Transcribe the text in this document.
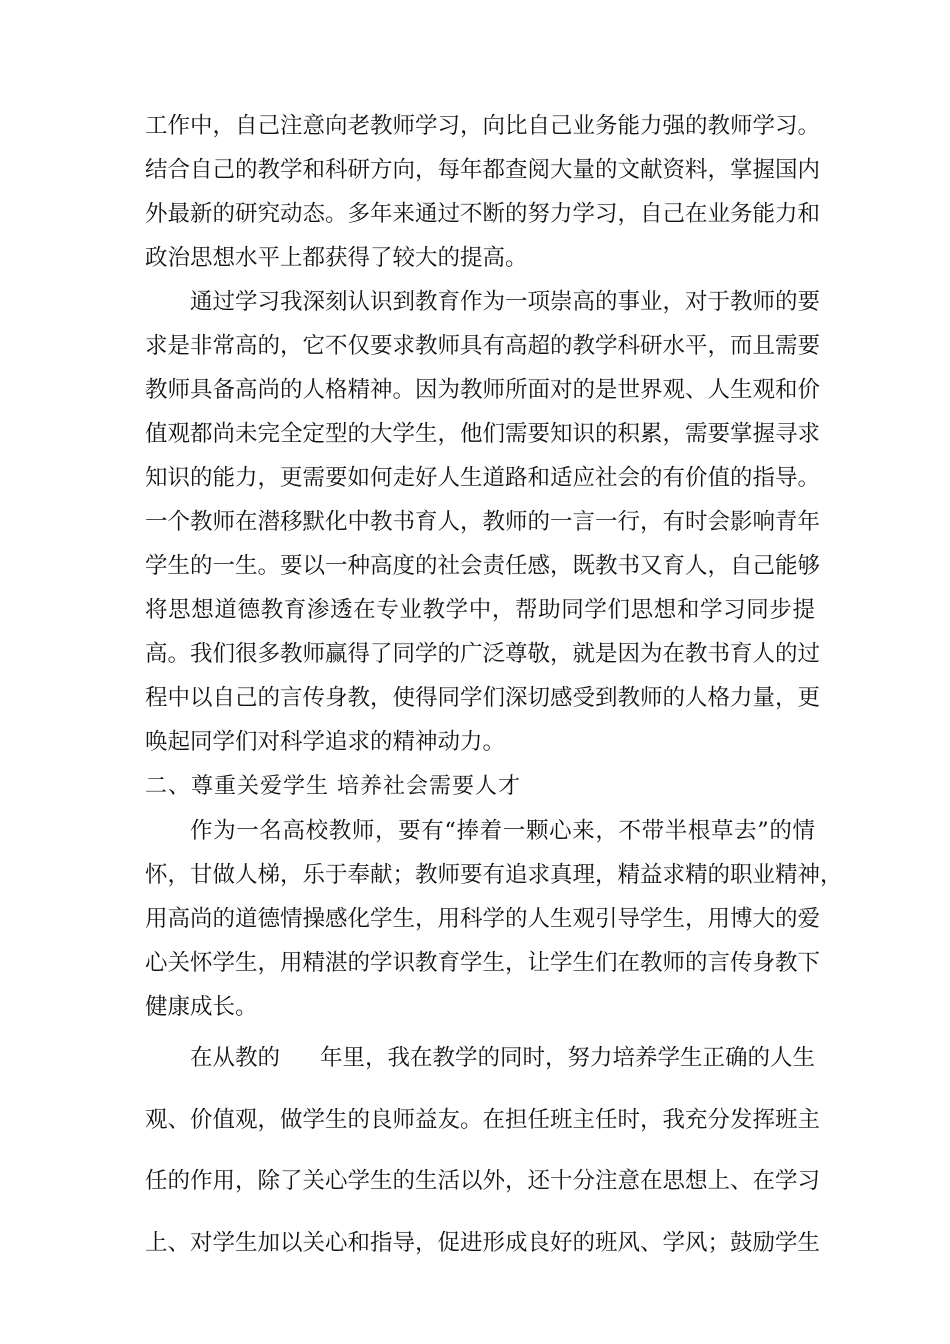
工作中，自己注意向老教师学习，向比自己业务能力强的教师学习。
结合自己的教学和科研方向，每年都查阅大量的文献资料，掌握国内
外最新的研究动态。多年来通过不断的努力学习，自己在业务能力和
政治思想水平上都获得了较大的提高。
通过学习我深刻认识到教育作为一项崇高的事业，对于教师的要
求是非常高的，它不仅要求教师具有高超的教学科研水平，而且需要
教师具备高尚的人格精神。因为教师所面对的是世界观、人生观和价
值观都尚未完全定型的大学生，他们需要知识的积累，需要掌握寻求
知识的能力，更需要如何走好人生道路和适应社会的有价值的指导。
一个教师在潜移默化中教书育人，教师的一言一行，有时会影响青年
学生的一生。要以一种高度的社会责任感，既教书又育人，自己能够
将思想道德教育渗透在专业教学中，帮助同学们思想和学习同步提
高。我们很多教师赢得了同学的广泛尊敬，就是因为在教书育人的过
程中以自己的言传身教，使得同学们深切感受到教师的人格力量，更
唤起同学们对科学追求的精神动力。
二、尊重关爱学生 培养社会需要人才
作为一名高校教师，要有“捧着一颗心来，不带半根草去”的情
怀，甘做人梯，乐于奉献；教师要有追求真理，精益求精的职业精神，
用高尚的道德情操感化学生，用科学的人生观引导学生，用博大的爱
心关怀学生，用精湛的学识教育学生，让学生们在教师的言传身教下
健康成长。
在从教的 年里，我在教学的同时，努力培养学生正确的人生
观、价值观，做学生的良师益友。在担任班主任时，我充分发挥班主
任的作用，除了关心学生的生活以外，还十分注意在思想上、在学习
上、对学生加以关心和指导，促进形成良好的班风、学风；鼓励学生
